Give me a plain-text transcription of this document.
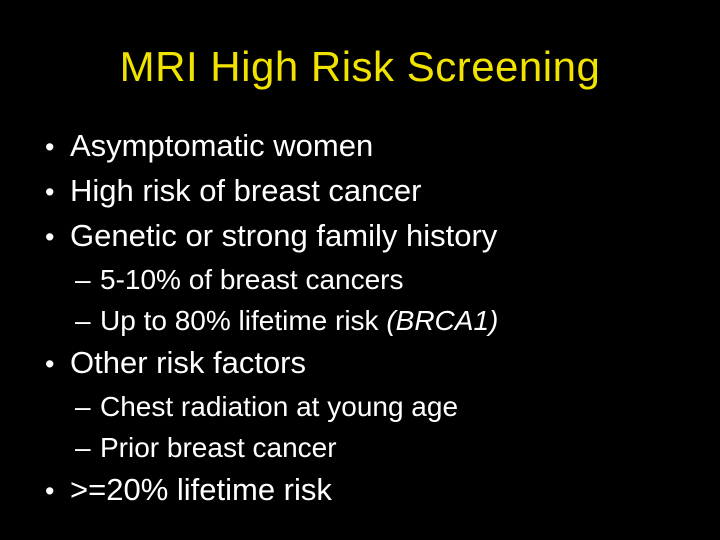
MRI High Risk Screening
• Asymptomatic women
• High risk of breast cancer
• Genetic or strong family history
– 5-10% of breast cancers
– Up to 80% lifetime risk (BRCA1)
• Other risk factors
– Chest radiation at young age
– Prior breast cancer
• >=20% lifetime risk
